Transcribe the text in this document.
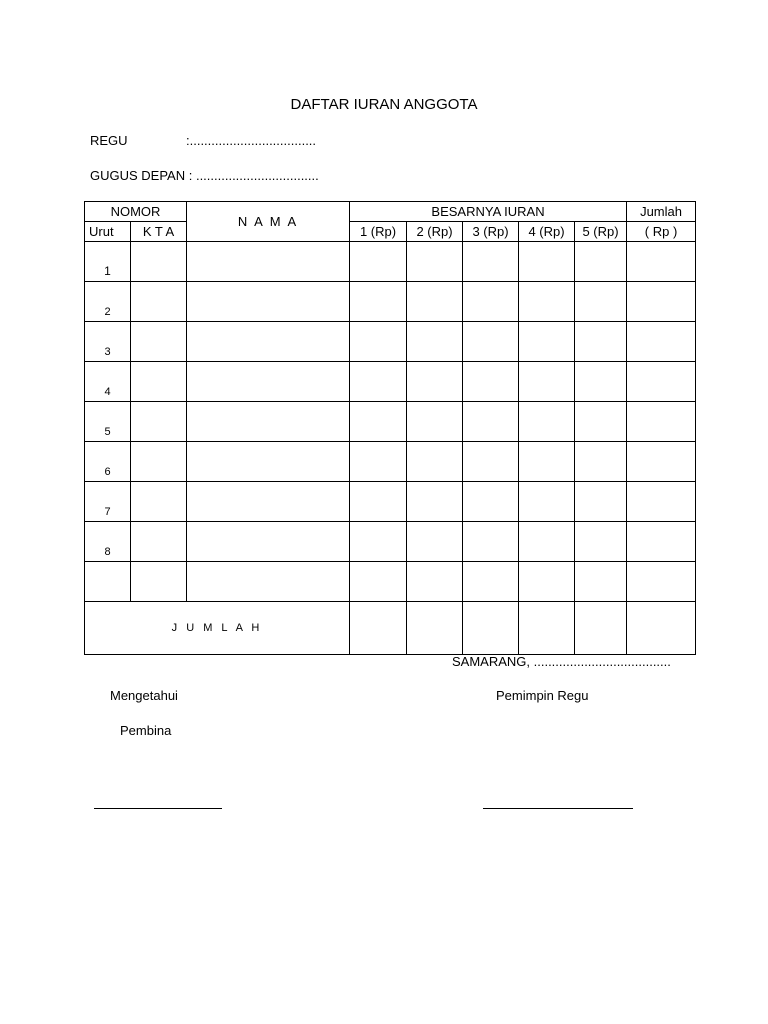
DAFTAR IURAN ANGGOTA
REGU	:...................................
GUGUS DEPAN : ..................................
NOMOR		N A M A	BESARNYA IURAN					Jumlah
Urut	K T A		1 (Rp)	2 (Rp)	3 (Rp)	4 (Rp)	5 (Rp)	( Rp )
1								
2								
3								
4								
5								
6								
7								
8								

J U M L A H								
SAMARANG, ......................................
Mengetahui	Pemimpin Regu
Pembina
